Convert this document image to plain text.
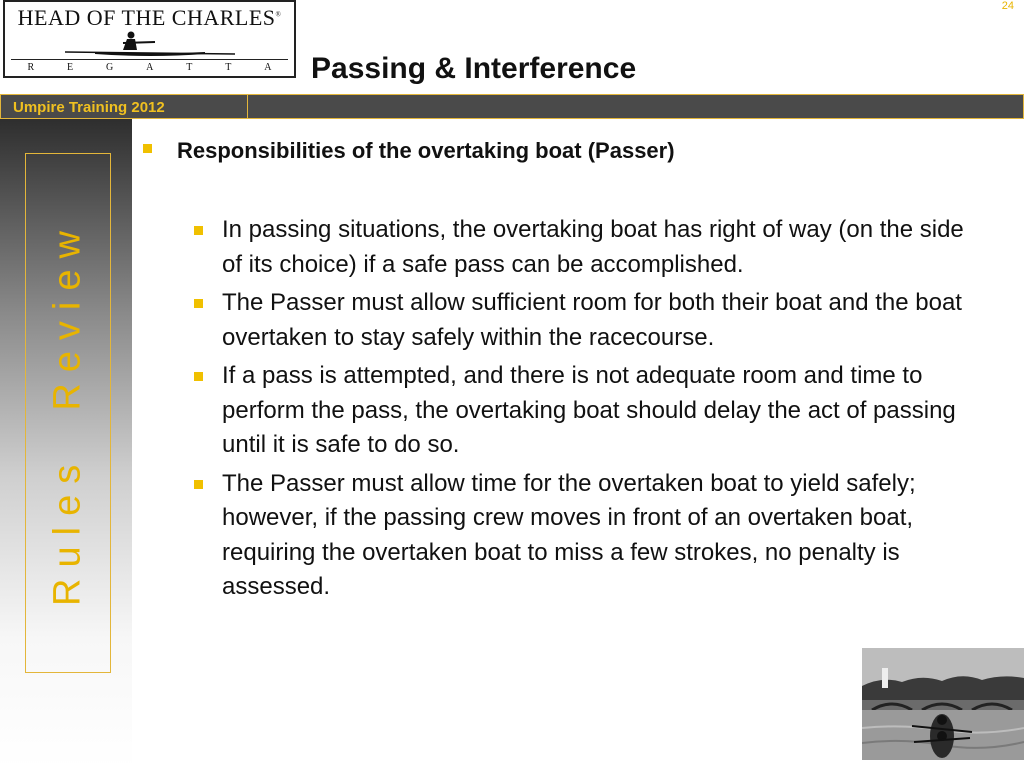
HEAD OF THE CHARLES®
R	E	G	A	T	T	A
24
Passing & Interference
Umpire Training 2012
Rules  Review
Responsibilities of the overtaking boat (Passer)
In passing situations, the overtaking boat has right of way (on the side of its choice) if a safe pass can be accomplished.
The Passer must allow sufficient room for both their boat and the boat overtaken to stay safely within the racecourse.
If a pass is attempted, and there is not adequate room and time to perform the pass, the overtaking boat should delay the act of passing until it is safe to do so.
The Passer must allow time for the overtaken boat to yield safely; however, if the passing crew moves in front of an overtaken boat, requiring the overtaken boat to miss a few strokes, no penalty is assessed.
